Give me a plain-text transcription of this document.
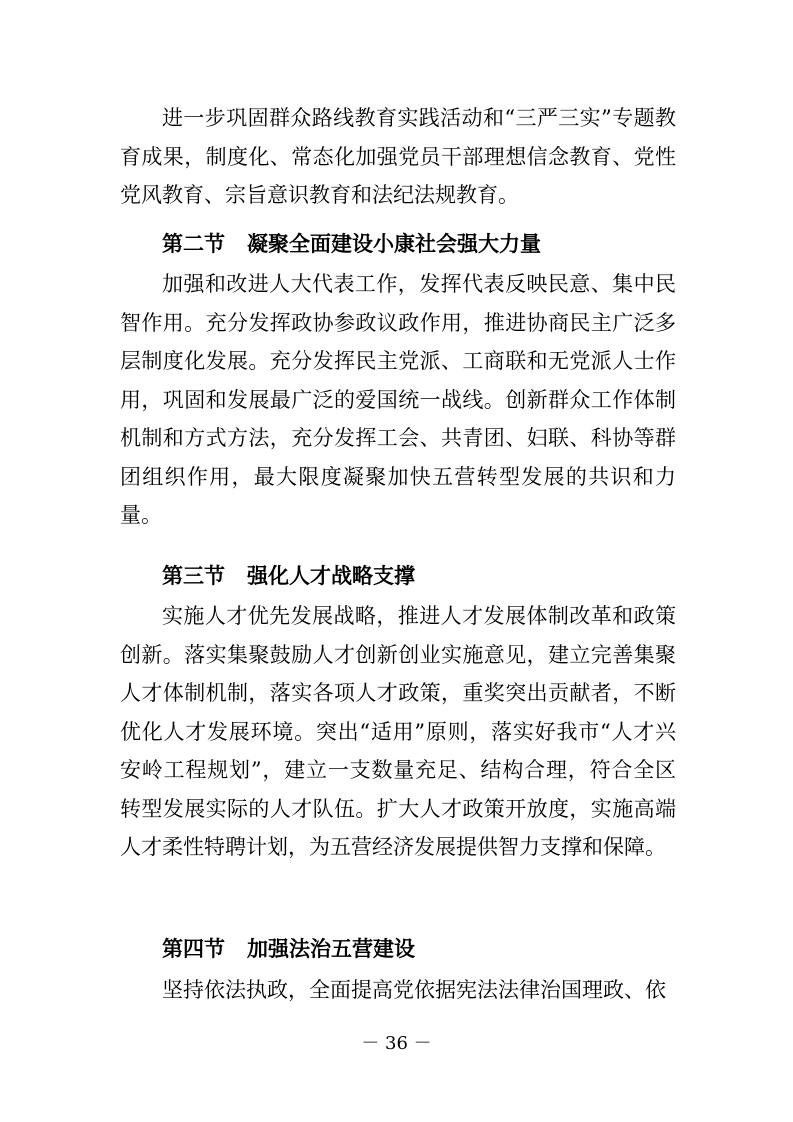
进一步巩固群众路线教育实践活动和“三严三实”专题教育成果，制度化、常态化加强党员干部理想信念教育、党性党风教育、宗旨意识教育和法纪法规教育。

第二节 凝聚全面建设小康社会强大力量

加强和改进人大代表工作，发挥代表反映民意、集中民智作用。充分发挥政协参政议政作用，推进协商民主广泛多层制度化发展。充分发挥民主党派、工商联和无党派人士作用，巩固和发展最广泛的爱国统一战线。创新群众工作体制机制和方式方法，充分发挥工会、共青团、妇联、科协等群团组织作用，最大限度凝聚加快五营转型发展的共识和力量。

第三节 强化人才战略支撑

实施人才优先发展战略，推进人才发展体制改革和政策创新。落实集聚鼓励人才创新创业实施意见，建立完善集聚人才体制机制，落实各项人才政策，重奖突出贡献者，不断优化人才发展环境。突出“适用”原则，落实好我市“人才兴安岭工程规划”，建立一支数量充足、结构合理，符合全区转型发展实际的人才队伍。扩大人才政策开放度，实施高端人才柔性特聘计划，为五营经济发展提供智力支撑和保障。

第四节 加强法治五营建设

坚持依法执政，全面提高党依据宪法法律治国理政、依

－ 36 －
